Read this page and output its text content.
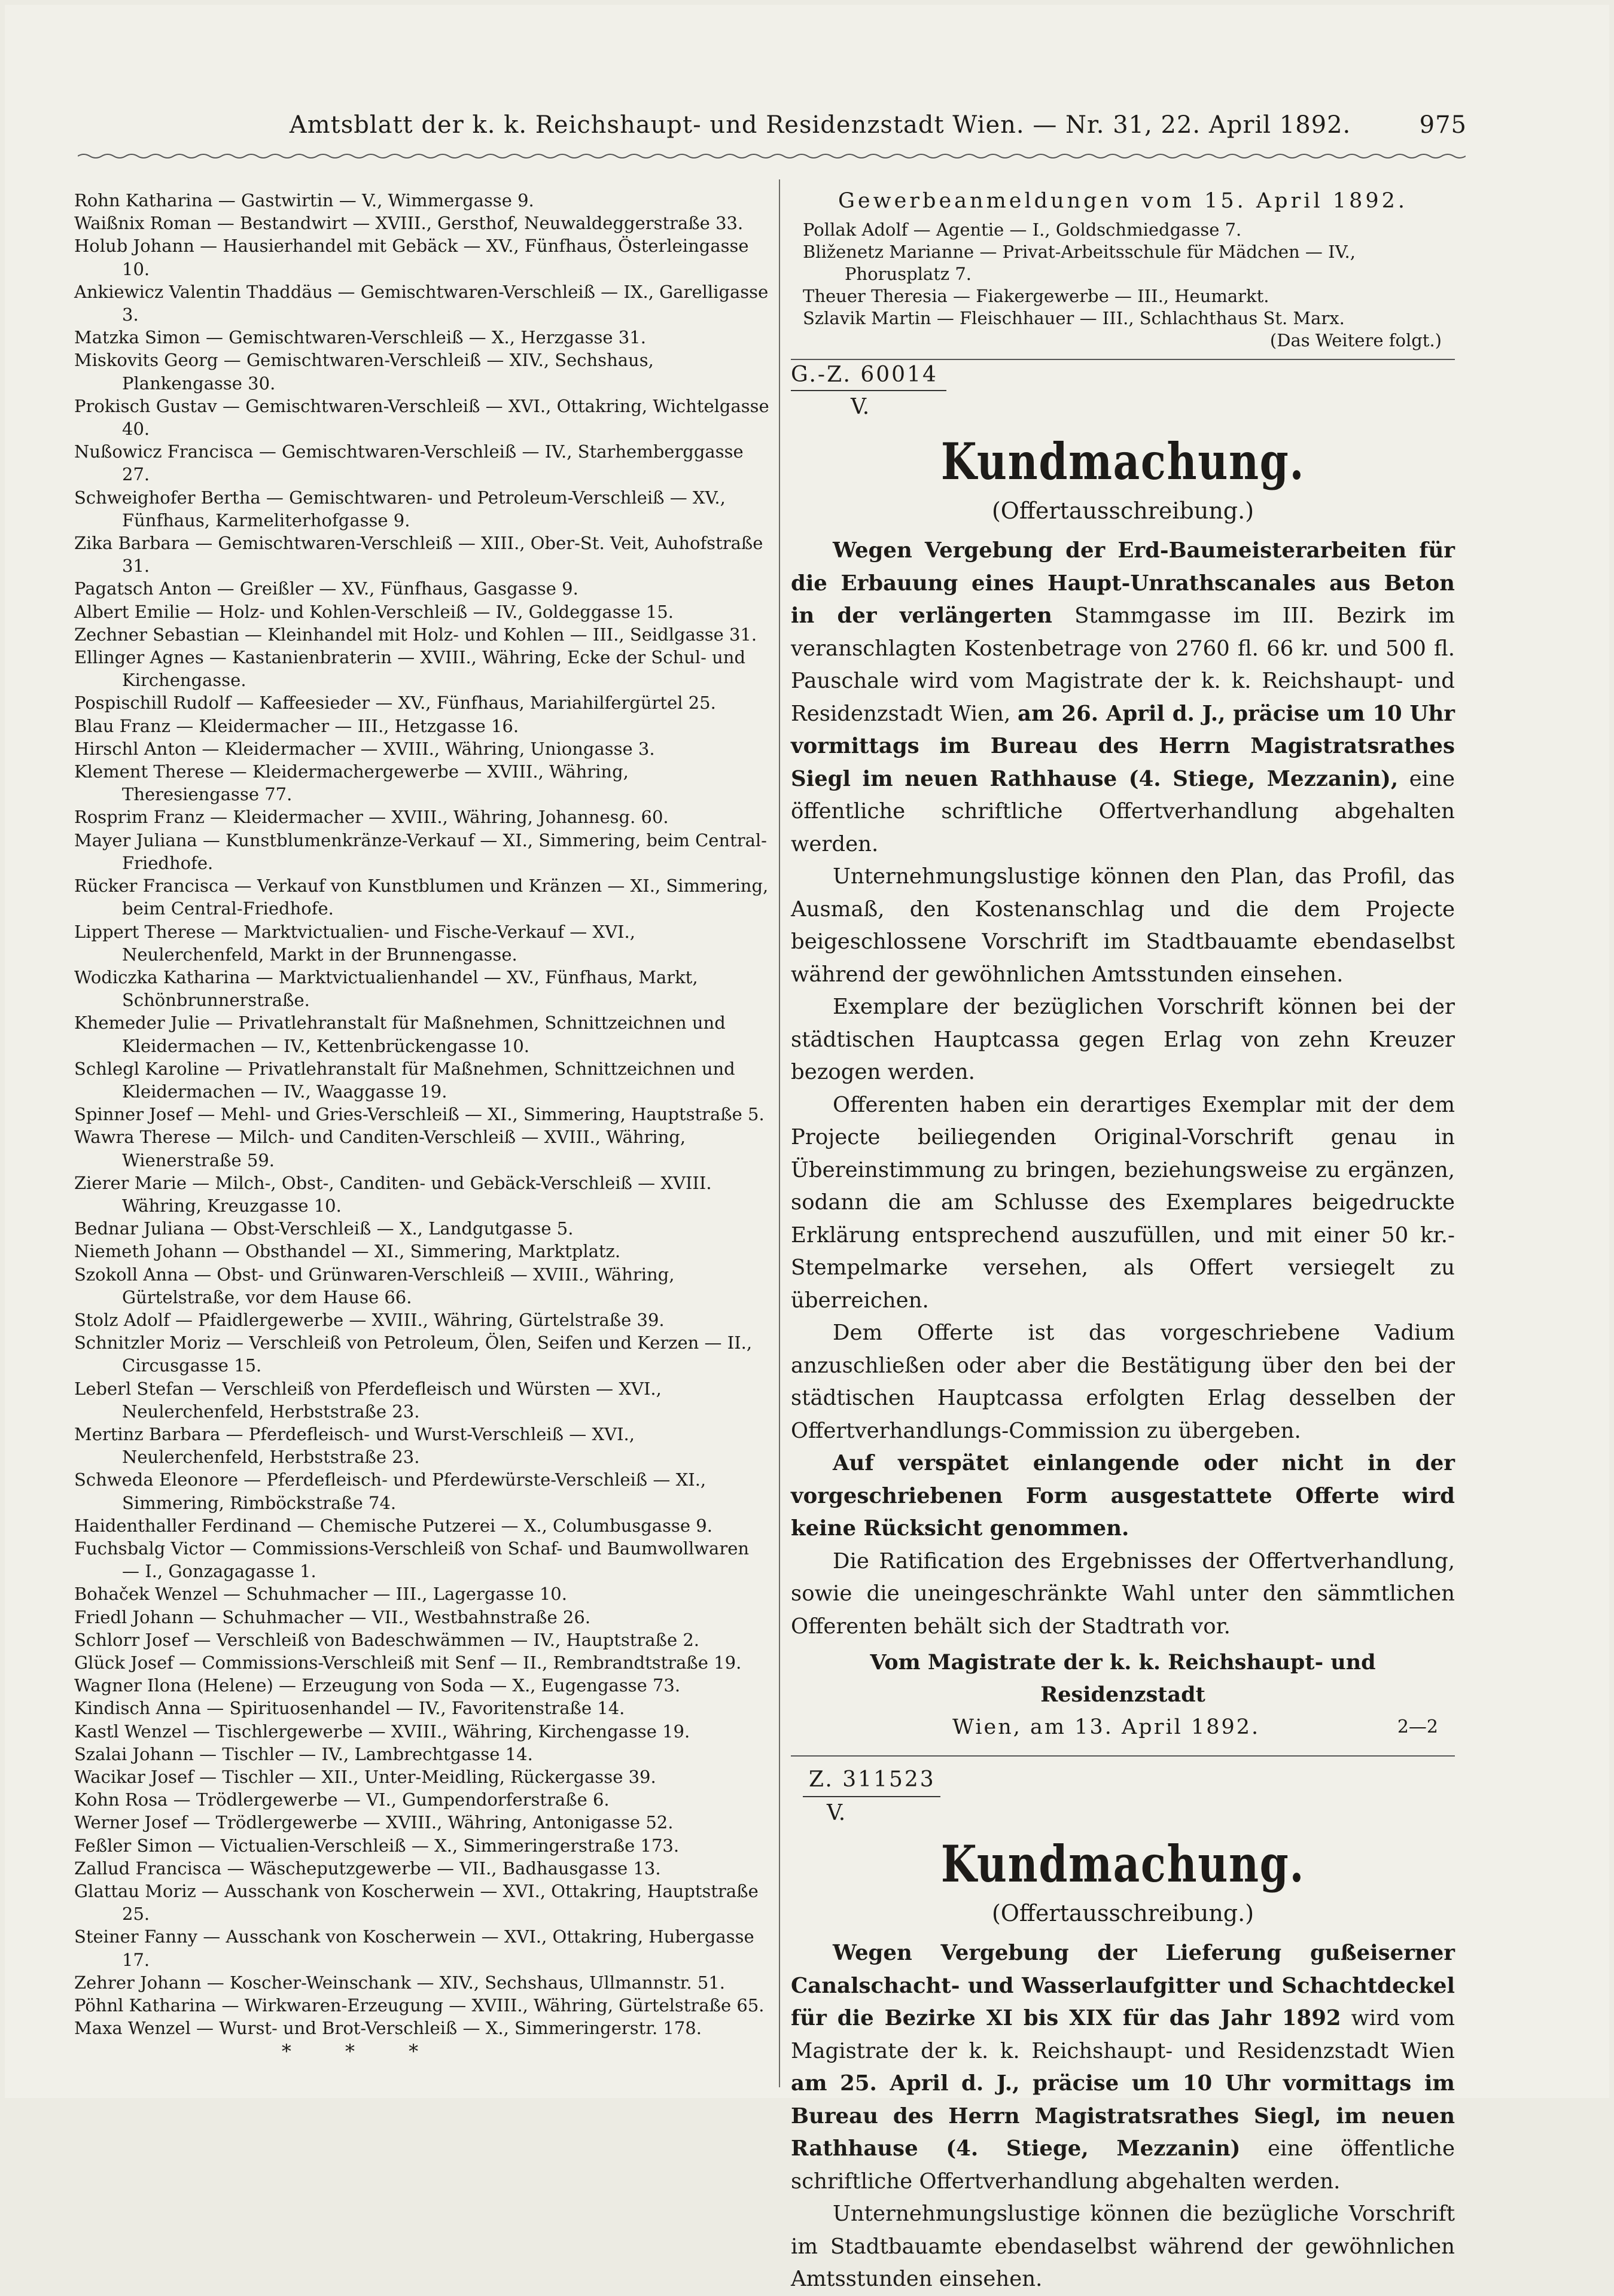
Amtsblatt der k. k. Reichshaupt- und Residenzstadt Wien. — Nr. 31, 22. April 1892.	975

Rohn Katharina — Gastwirtin — V., Wimmergasse 9.

Waißnix Roman — Bestandwirt — XVIII., Gersthof, Neuwaldeggerstraße 33.

Holub Johann — Hausierhandel mit Gebäck — XV., Fünfhaus, Österleingasse 10.

Ankiewicz Valentin Thaddäus — Gemischtwaren-Verschleiß — IX., Garelligasse 3.

Matzka Simon — Gemischtwaren-Verschleiß — X., Herzgasse 31.

Miskovits Georg — Gemischtwaren-Verschleiß — XIV., Sechshaus, Plankengasse 30.

Prokisch Gustav — Gemischtwaren-Verschleiß — XVI., Ottakring, Wichtelgasse 40.

Nußowicz Francisca — Gemischtwaren-Verschleiß — IV., Starhemberggasse 27.

Schweighofer Bertha — Gemischtwaren- und Petroleum-Verschleiß — XV., Fünfhaus, Karmeliterhofgasse 9.

Zika Barbara — Gemischtwaren-Verschleiß — XIII., Ober-St. Veit, Auhofstraße 31.

Pagatsch Anton — Greißler — XV., Fünfhaus, Gasgasse 9.

Albert Emilie — Holz- und Kohlen-Verschleiß — IV., Goldeggasse 15.

Zechner Sebastian — Kleinhandel mit Holz- und Kohlen — III., Seidlgasse 31.

Ellinger Agnes — Kastanienbraterin — XVIII., Währing, Ecke der Schul- und Kirchengasse.

Pospischill Rudolf — Kaffeesieder — XV., Fünfhaus, Mariahilfergürtel 25.

Blau Franz — Kleidermacher — III., Hetzgasse 16.

Hirschl Anton — Kleidermacher — XVIII., Währing, Uniongasse 3.

Klement Therese — Kleidermachergewerbe — XVIII., Währing, Theresiengasse 77.

Rosprim Franz — Kleidermacher — XVIII., Währing, Johannesg. 60.

Mayer Juliana — Kunstblumenkränze-Verkauf — XI., Simmering, beim Central-Friedhofe.

Rücker Francisca — Verkauf von Kunstblumen und Kränzen — XI., Simmering, beim Central-Friedhofe.

Lippert Therese — Marktvictualien- und Fische-Verkauf — XVI., Neulerchenfeld, Markt in der Brunnengasse.

Wodiczka Katharina — Marktvictualienhandel — XV., Fünfhaus, Markt, Schönbrunnerstraße.

Khemeder Julie — Privatlehranstalt für Maßnehmen, Schnittzeichnen und Kleidermachen — IV., Kettenbrückengasse 10.

Schlegl Karoline — Privatlehranstalt für Maßnehmen, Schnittzeichnen und Kleidermachen — IV., Waaggasse 19.

Spinner Josef — Mehl- und Gries-Verschleiß — XI., Simmering, Hauptstraße 5.

Wawra Therese — Milch- und Canditen-Verschleiß — XVIII., Währing, Wienerstraße 59.

Zierer Marie — Milch-, Obst-, Canditen- und Gebäck-Verschleiß — XVIII. Währing, Kreuzgasse 10.

Bednar Juliana — Obst-Verschleiß — X., Landgutgasse 5.

Niemeth Johann — Obsthandel — XI., Simmering, Marktplatz.

Szokoll Anna — Obst- und Grünwaren-Verschleiß — XVIII., Währing, Gürtelstraße, vor dem Hause 66.

Stolz Adolf — Pfaidlergewerbe — XVIII., Währing, Gürtelstraße 39.

Schnitzler Moriz — Verschleiß von Petroleum, Ölen, Seifen und Kerzen — II., Circusgasse 15.

Leberl Stefan — Verschleiß von Pferdefleisch und Würsten — XVI., Neulerchenfeld, Herbststraße 23.

Mertinz Barbara — Pferdefleisch- und Wurst-Verschleiß — XVI., Neulerchenfeld, Herbststraße 23.

Schweda Eleonore — Pferdefleisch- und Pferdewürste-Verschleiß — XI., Simmering, Rimböckstraße 74.

Haidenthaller Ferdinand — Chemische Putzerei — X., Columbusgasse 9.

Fuchsbalg Victor — Commissions-Verschleiß von Schaf- und Baumwollwaren — I., Gonzagagasse 1.

Bohaček Wenzel — Schuhmacher — III., Lagergasse 10.

Friedl Johann — Schuhmacher — VII., Westbahnstraße 26.

Schlorr Josef — Verschleiß von Badeschwämmen — IV., Hauptstraße 2.

Glück Josef — Commissions-Verschleiß mit Senf — II., Rembrandtstraße 19.

Wagner Ilona (Helene) — Erzeugung von Soda — X., Eugengasse 73.

Kindisch Anna — Spirituosenhandel — IV., Favoritenstraße 14.

Kastl Wenzel — Tischlergewerbe — XVIII., Währing, Kirchengasse 19.

Szalai Johann — Tischler — IV., Lambrechtgasse 14.

Wacikar Josef — Tischler — XII., Unter-Meidling, Rückergasse 39.

Kohn Rosa — Trödlergewerbe — VI., Gumpendorferstraße 6.

Werner Josef — Trödlergewerbe — XVIII., Währing, Antonigasse 52.

Feßler Simon — Victualien-Verschleiß — X., Simmeringerstraße 173.

Zallud Francisca — Wäscheputzgewerbe — VII., Badhausgasse 13.

Glattau Moriz — Ausschank von Koscherwein — XVI., Ottakring, Hauptstraße 25.

Steiner Fanny — Ausschank von Koscherwein — XVI., Ottakring, Hubergasse 17.

Zehrer Johann — Koscher-Weinschank — XIV., Sechshaus, Ullmannstr. 51.

Pöhnl Katharina — Wirkwaren-Erzeugung — XVIII., Währing, Gürtelstraße 65.

Maxa Wenzel — Wurst- und Brot-Verschleiß — X., Simmeringerstr. 178.

* * *
Gewerbeanmeldungen vom 15. April 1892.
Pollak Adolf — Agentie — I., Goldschmiedgasse 7.
Bliženetz Marianne — Privat-Arbeitsschule für Mädchen — IV., Phorusplatz 7.
Theuer Theresia — Fiakergewerbe — III., Heumarkt.
Szlavik Martin — Fleischhauer — III., Schlachthaus St. Marx.
(Das Weitere folgt.)
G.-Z. 60014
V.
Kundmachung.
(Offertausschreibung.)

Wegen Vergebung der Erd-Baumeisterarbeiten für die Erbauung eines Haupt-Unrathscanales aus Beton in der verlängerten Stammgasse im III. Bezirk im veranschlagten Kostenbetrage von 2760 fl. 66 kr. und 500 fl. Pauschale wird vom Magistrate der k. k. Reichshaupt- und Residenzstadt Wien, am 26. April d. J., präcise um 10 Uhr vormittags im Bureau des Herrn Magistratsrathes Siegl im neuen Rathhause (4. Stiege, Mezzanin), eine öffentliche schriftliche Offertverhandlung abgehalten werden.

Unternehmungslustige können den Plan, das Profil, das Ausmaß, den Kostenanschlag und die dem Projecte beigeschlossene Vorschrift im Stadtbauamte ebendaselbst während der gewöhnlichen Amtsstunden einsehen.

Exemplare der bezüglichen Vorschrift können bei der städtischen Hauptcassa gegen Erlag von zehn Kreuzer bezogen werden.

Offerenten haben ein derartiges Exemplar mit der dem Projecte beiliegenden Original-Vorschrift genau in Übereinstimmung zu bringen, beziehungsweise zu ergänzen, sodann die am Schlusse des Exemplares beigedruckte Erklärung entsprechend auszufüllen, und mit einer 50 kr.-Stempelmarke versehen, als Offert versiegelt zu überreichen.

Dem Offerte ist das vorgeschriebene Vadium anzuschließen oder aber die Bestätigung über den bei der städtischen Hauptcassa erfolgten Erlag desselben der Offertverhandlungs-Commission zu übergeben.

Auf verspätet einlangende oder nicht in der vorgeschriebenen Form ausgestattete Offerte wird keine Rücksicht genommen.

Die Ratification des Ergebnisses der Offertverhandlung, sowie die uneingeschränkte Wahl unter den sämmtlichen Offerenten behält sich der Stadtrath vor.

Vom Magistrate der k. k. Reichshaupt- und Residenzstadt
Wien, am 13. April 1892.	2—2
Z. 311523
V.
Kundmachung.
(Offertausschreibung.)

Wegen Vergebung der Lieferung gußeiserner Canalschacht- und Wasserlaufgitter und Schachtdeckel für die Bezirke XI bis XIX für das Jahr 1892 wird vom Magistrate der k. k. Reichshaupt- und Residenzstadt Wien am 25. April d. J., präcise um 10 Uhr vormittags im Bureau des Herrn Magistratsrathes Siegl, im neuen Rathhause (4. Stiege, Mezzanin) eine öffentliche schriftliche Offertverhandlung abgehalten werden.

Unternehmungslustige können die bezügliche Vorschrift im Stadtbauamte ebendaselbst während der gewöhnlichen Amtsstunden einsehen.
